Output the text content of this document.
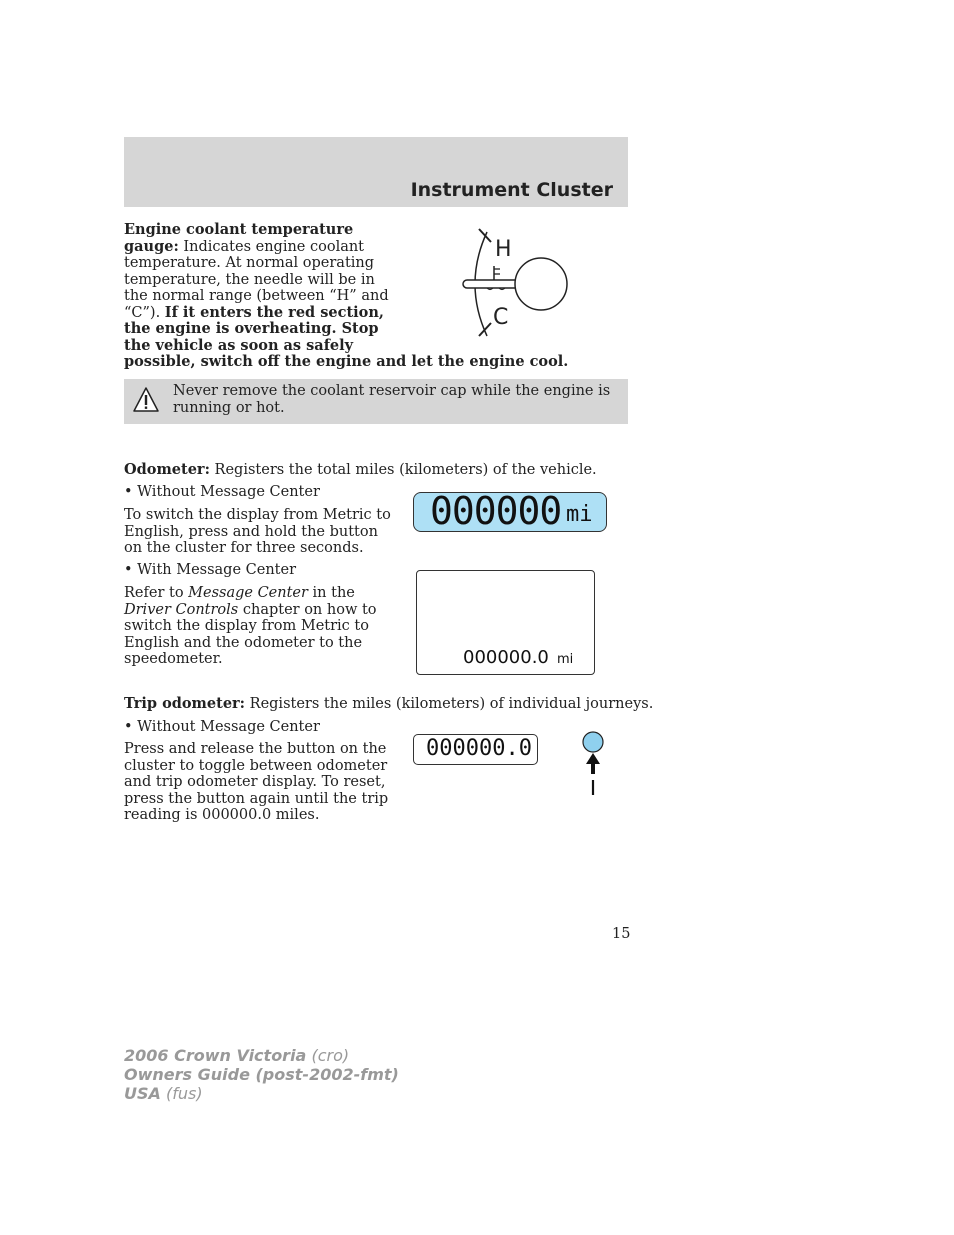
Instrument Cluster
Engine coolant temperature
gauge: Indicates engine coolant
temperature. At normal operating
temperature, the needle will be in
the normal range (between “H” and
“C”). If it enters the red section,
the engine is overheating. Stop
the vehicle as soon as safely
possible, switch off the engine and let the engine cool.
H
C
Never remove the coolant reservoir cap while the engine is
running or hot.
Odometer: Registers the total miles (kilometers) of the vehicle.
• Without Message Center
To switch the display from Metric to
English, press and hold the button
on the cluster for three seconds.
• With Message Center
Refer to Message Center in the
Driver Controls chapter on how to
switch the display from Metric to
English and the odometer to the
speedometer.
000000 mi
000000.0 mi
Trip odometer: Registers the miles (kilometers) of individual journeys.
• Without Message Center
Press and release the button on the
cluster to toggle between odometer
and trip odometer display. To reset,
press the button again until the trip
reading is 000000.0 miles.
000000.0
15
2006 Crown Victoria (cro)
Owners Guide (post-2002-fmt)
USA (fus)
